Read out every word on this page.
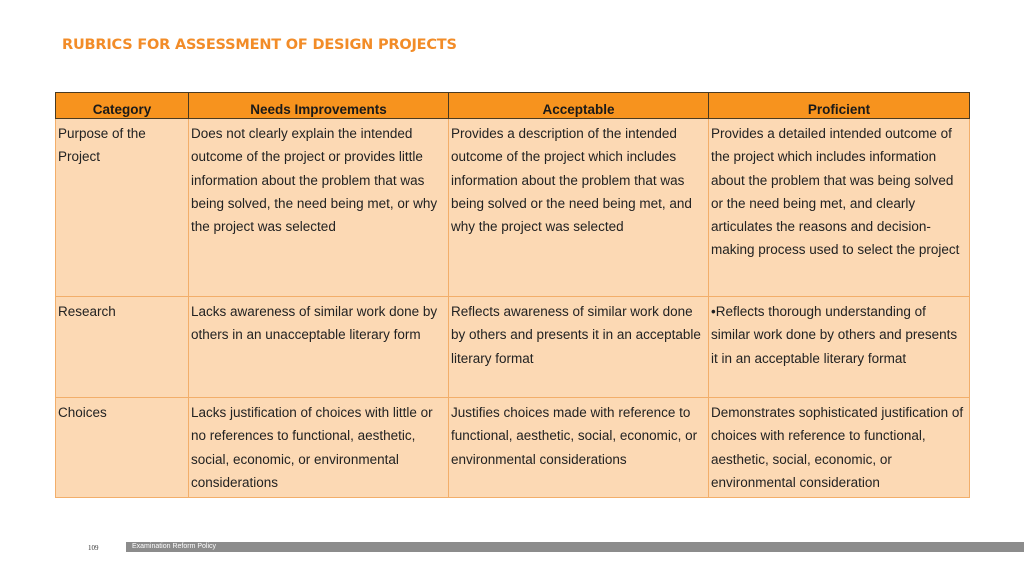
RUBRICS FOR ASSESSMENT OF DESIGN PROJECTS
Category	Needs Improvements	Acceptable	Proficient
Purpose of the Project	Does not clearly explain the intended outcome of the project or provides little information about the problem that was being solved, the need being met, or why the project was selected	Provides a description of the intended outcome of the project which includes information about the problem that was being solved or the need being met, and why the project was selected	Provides a detailed intended outcome of the project which includes information about the problem that was being solved or the need being met, and clearly articulates the reasons and decision-making process used to select the project
Research	Lacks awareness of similar work done by others in an unacceptable literary form	Reflects awareness of similar work done by others and presents it in an acceptable literary format	•Reflects thorough understanding of similar work done by others and presents it in an acceptable literary format
Choices	Lacks justification of choices with little or no references to functional, aesthetic, social, economic, or environmental considerations	Justifies choices made with reference to functional, aesthetic, social, economic, or environmental considerations	Demonstrates sophisticated justification of choices with reference to functional, aesthetic, social, economic, or environmental consideration
109	Examination Reform Policy
